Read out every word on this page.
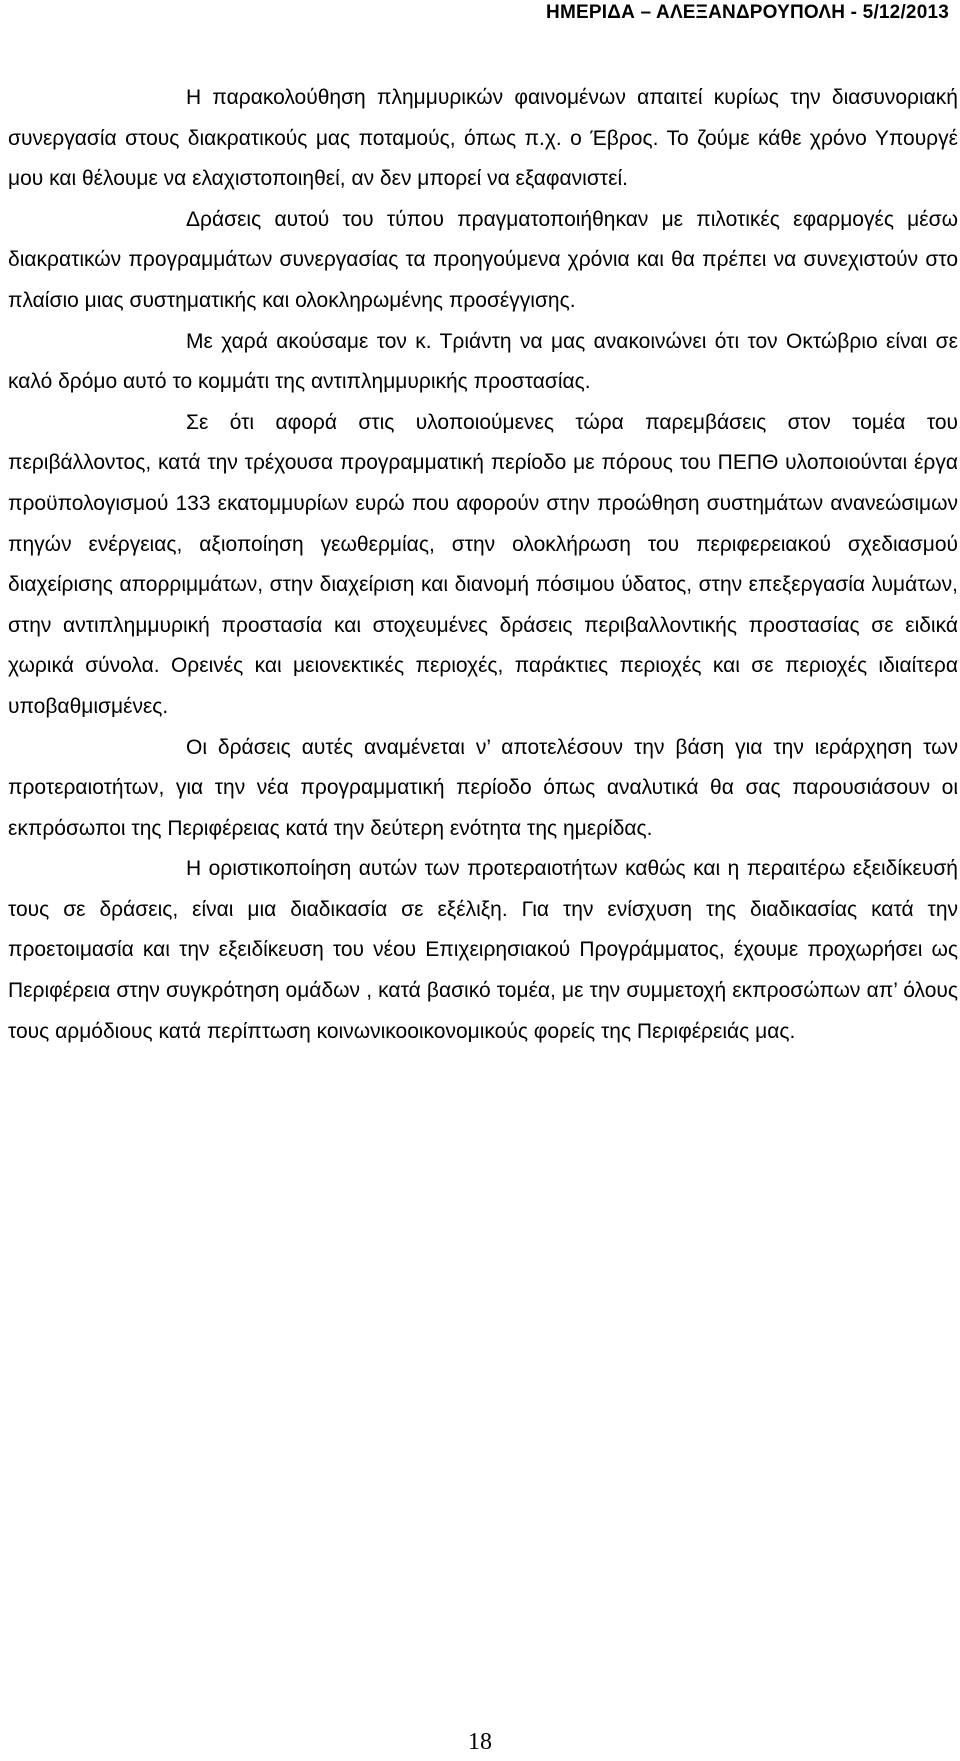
ΗΜΕΡΙΔΑ – ΑΛΕΞΑΝΔΡΟΥΠΟΛΗ - 5/12/2013

Η παρακολούθηση πλημμυρικών φαινομένων απαιτεί κυρίως την διασυνοριακή συνεργασία στους διακρατικούς μας ποταμούς, όπως π.χ. ο Έβρος. Το ζούμε κάθε χρόνο Υπουργέ μου και θέλουμε να ελαχιστοποιηθεί, αν δεν μπορεί να εξαφανιστεί.

Δράσεις αυτού του τύπου πραγματοποιήθηκαν με πιλοτικές εφαρμογές μέσω διακρατικών προγραμμάτων συνεργασίας τα προηγούμενα χρόνια και θα πρέπει να συνεχιστούν στο πλαίσιο μιας συστηματικής και ολοκληρωμένης προσέγγισης.

Με χαρά ακούσαμε τον κ. Τριάντη να μας ανακοινώνει ότι τον Οκτώβριο είναι σε καλό δρόμο αυτό το κομμάτι της αντιπλημμυρικής προστασίας.

Σε ότι αφορά στις υλοποιούμενες τώρα παρεμβάσεις στον τομέα του περιβάλλοντος, κατά την τρέχουσα προγραμματική περίοδο με πόρους του ΠΕΠΘ υλοποιούνται έργα προϋπολογισμού 133 εκατομμυρίων ευρώ που αφορούν στην προώθηση συστημάτων ανανεώσιμων πηγών ενέργειας, αξιοποίηση γεωθερμίας, στην ολοκλήρωση του περιφερειακού σχεδιασμού διαχείρισης απορριμμάτων, στην διαχείριση και διανομή πόσιμου ύδατος, στην επεξεργασία λυμάτων, στην αντιπλημμυρική προστασία και στοχευμένες δράσεις περιβαλλοντικής προστασίας σε ειδικά χωρικά σύνολα. Ορεινές και μειονεκτικές περιοχές, παράκτιες περιοχές και σε περιοχές ιδιαίτερα υποβαθμισμένες.

Οι δράσεις αυτές αναμένεται ν’ αποτελέσουν την βάση για την ιεράρχηση των προτεραιοτήτων, για την νέα προγραμματική περίοδο όπως αναλυτικά θα σας παρουσιάσουν οι εκπρόσωποι της Περιφέρειας κατά την δεύτερη ενότητα της ημερίδας.

Η οριστικοποίηση αυτών των προτεραιοτήτων καθώς και η περαιτέρω εξειδίκευσή τους σε δράσεις, είναι μια διαδικασία σε εξέλιξη. Για την ενίσχυση της διαδικασίας κατά την προετοιμασία και την εξειδίκευση του νέου Επιχειρησιακού Προγράμματος, έχουμε προχωρήσει ως Περιφέρεια στην συγκρότηση ομάδων , κατά βασικό τομέα, με την συμμετοχή εκπροσώπων απ’ όλους τους αρμόδιους κατά περίπτωση κοινωνικοοικονομικούς φορείς της Περιφέρειάς μας.

18
